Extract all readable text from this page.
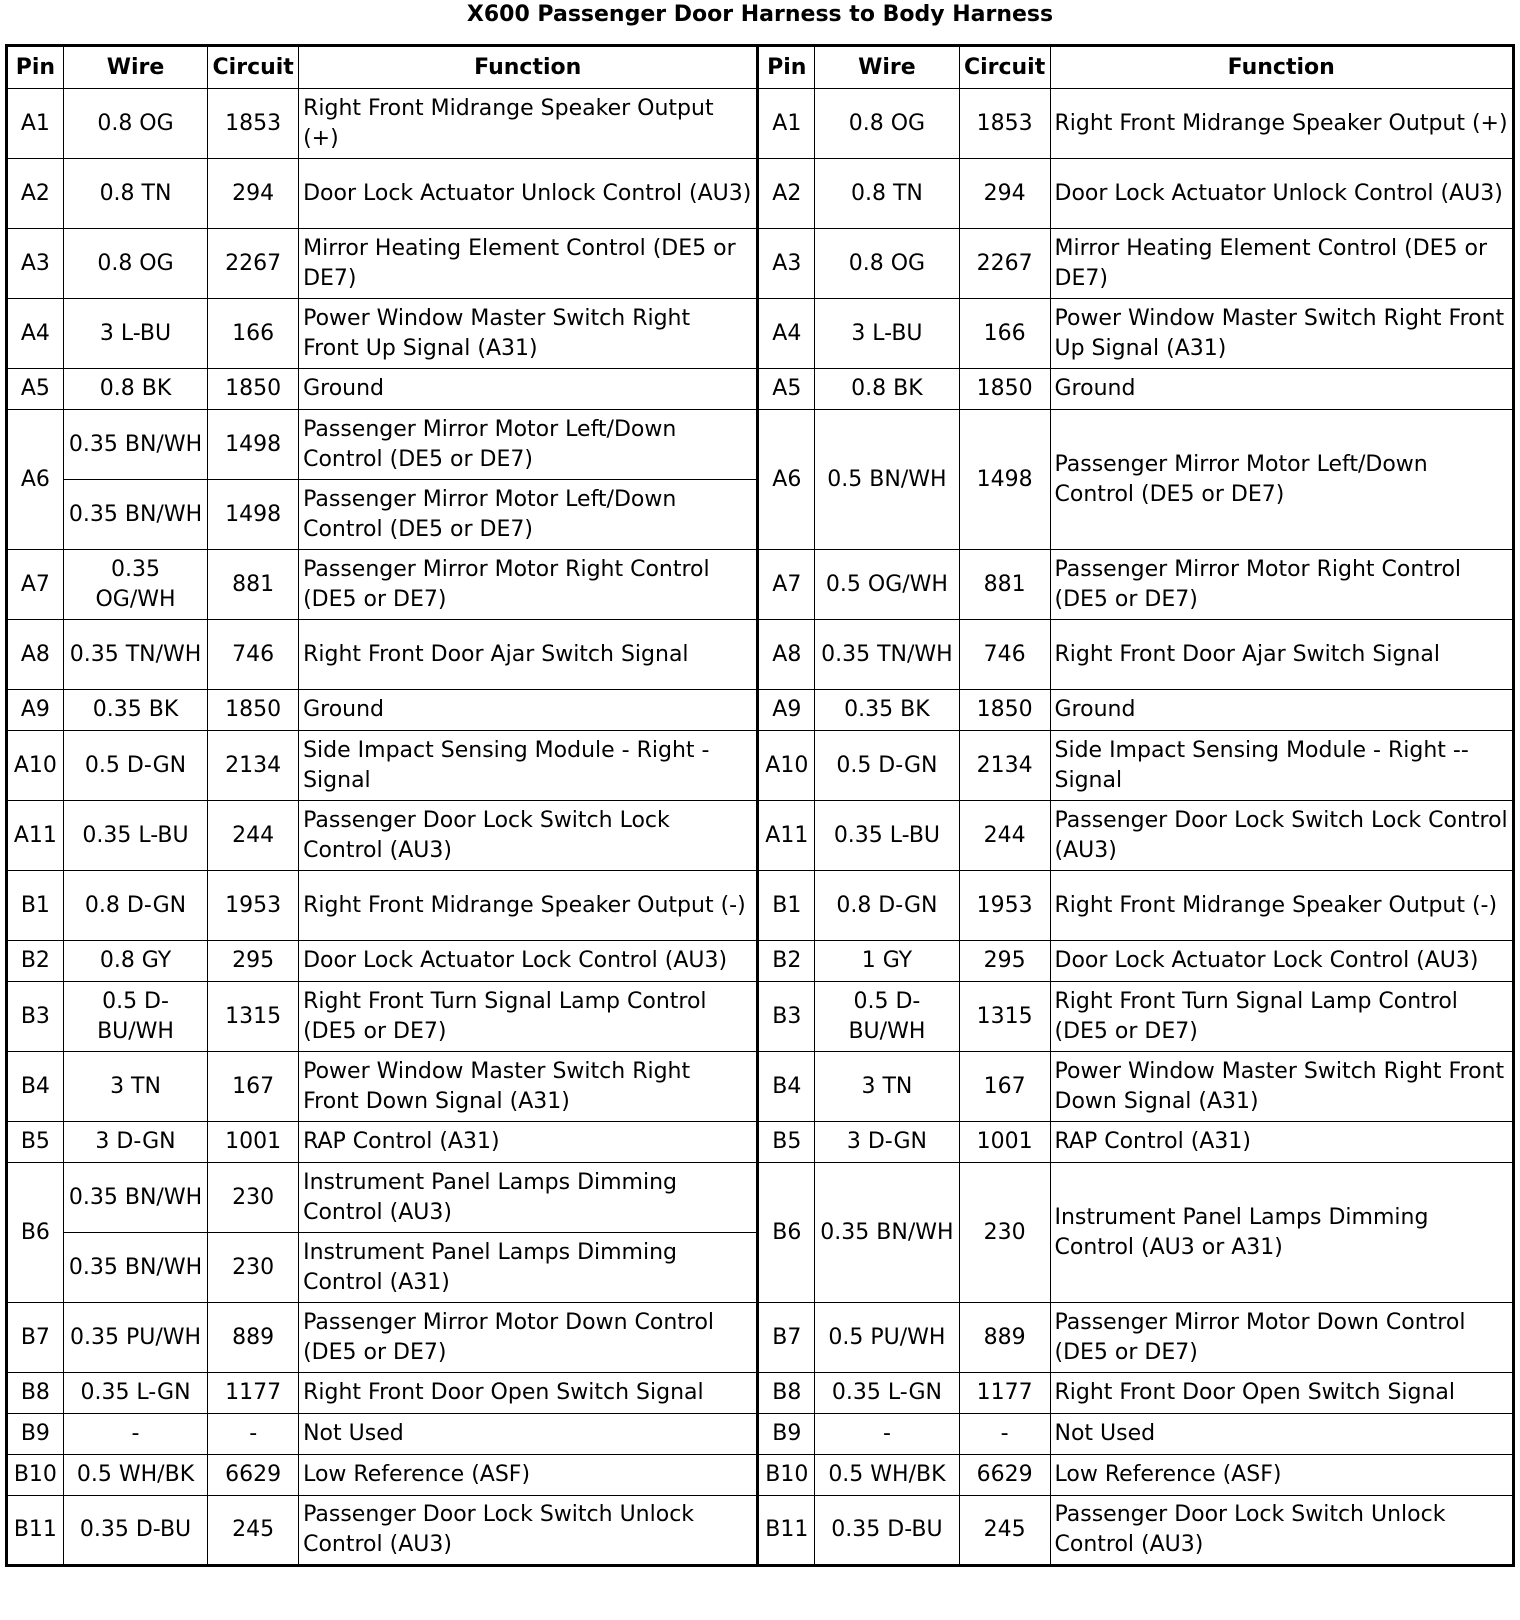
X600 Passenger Door Harness to Body Harness
Pin	Wire	Circuit	Function	Pin	Wire	Circuit	Function
A1	0.8 OG	1853	Right Front Midrange Speaker Output (+)	A1	0.8 OG	1853	Right Front Midrange Speaker Output (+)
A2	0.8 TN	294	Door Lock Actuator Unlock Control (AU3)	A2	0.8 TN	294	Door Lock Actuator Unlock Control (AU3)
A3	0.8 OG	2267	Mirror Heating Element Control (DE5 or DE7)	A3	0.8 OG	2267	Mirror Heating Element Control (DE5 or DE7)
A4	3 L-BU	166	Power Window Master Switch Right Front Up Signal (A31)	A4	3 L-BU	166	Power Window Master Switch Right Front Up Signal (A31)
A5	0.8 BK	1850	Ground	A5	0.8 BK	1850	Ground
A6	0.35 BN/WH	1498	Passenger Mirror Motor Left/Down Control (DE5 or DE7)	A6	0.5 BN/WH	1498	Passenger Mirror Motor Left/Down Control (DE5 or DE7)
	0.35 BN/WH	1498	Passenger Mirror Motor Left/Down Control (DE5 or DE7)				
A7	0.35 OG/WH	881	Passenger Mirror Motor Right Control (DE5 or DE7)	A7	0.5 OG/WH	881	Passenger Mirror Motor Right Control (DE5 or DE7)
A8	0.35 TN/WH	746	Right Front Door Ajar Switch Signal	A8	0.35 TN/WH	746	Right Front Door Ajar Switch Signal
A9	0.35 BK	1850	Ground	A9	0.35 BK	1850	Ground
A10	0.5 D-GN	2134	Side Impact Sensing Module - Right - Signal	A10	0.5 D-GN	2134	Side Impact Sensing Module - Right -- Signal
A11	0.35 L-BU	244	Passenger Door Lock Switch Lock Control (AU3)	A11	0.35 L-BU	244	Passenger Door Lock Switch Lock Control (AU3)
B1	0.8 D-GN	1953	Right Front Midrange Speaker Output (-)	B1	0.8 D-GN	1953	Right Front Midrange Speaker Output (-)
B2	0.8 GY	295	Door Lock Actuator Lock Control (AU3)	B2	1 GY	295	Door Lock Actuator Lock Control (AU3)
B3	0.5 D-BU/WH	1315	Right Front Turn Signal Lamp Control (DE5 or DE7)	B3	0.5 D-BU/WH	1315	Right Front Turn Signal Lamp Control (DE5 or DE7)
B4	3 TN	167	Power Window Master Switch Right Front Down Signal (A31)	B4	3 TN	167	Power Window Master Switch Right Front Down Signal (A31)
B5	3 D-GN	1001	RAP Control (A31)	B5	3 D-GN	1001	RAP Control (A31)
B6	0.35 BN/WH	230	Instrument Panel Lamps Dimming Control (AU3)	B6	0.35 BN/WH	230	Instrument Panel Lamps Dimming Control (AU3 or A31)
	0.35 BN/WH	230	Instrument Panel Lamps Dimming Control (A31)				
B7	0.35 PU/WH	889	Passenger Mirror Motor Down Control (DE5 or DE7)	B7	0.5 PU/WH	889	Passenger Mirror Motor Down Control (DE5 or DE7)
B8	0.35 L-GN	1177	Right Front Door Open Switch Signal	B8	0.35 L-GN	1177	Right Front Door Open Switch Signal
B9	-	-	Not Used	B9	-	-	Not Used
B10	0.5 WH/BK	6629	Low Reference (ASF)	B10	0.5 WH/BK	6629	Low Reference (ASF)
B11	0.35 D-BU	245	Passenger Door Lock Switch Unlock Control (AU3)	B11	0.35 D-BU	245	Passenger Door Lock Switch Unlock Control (AU3)
